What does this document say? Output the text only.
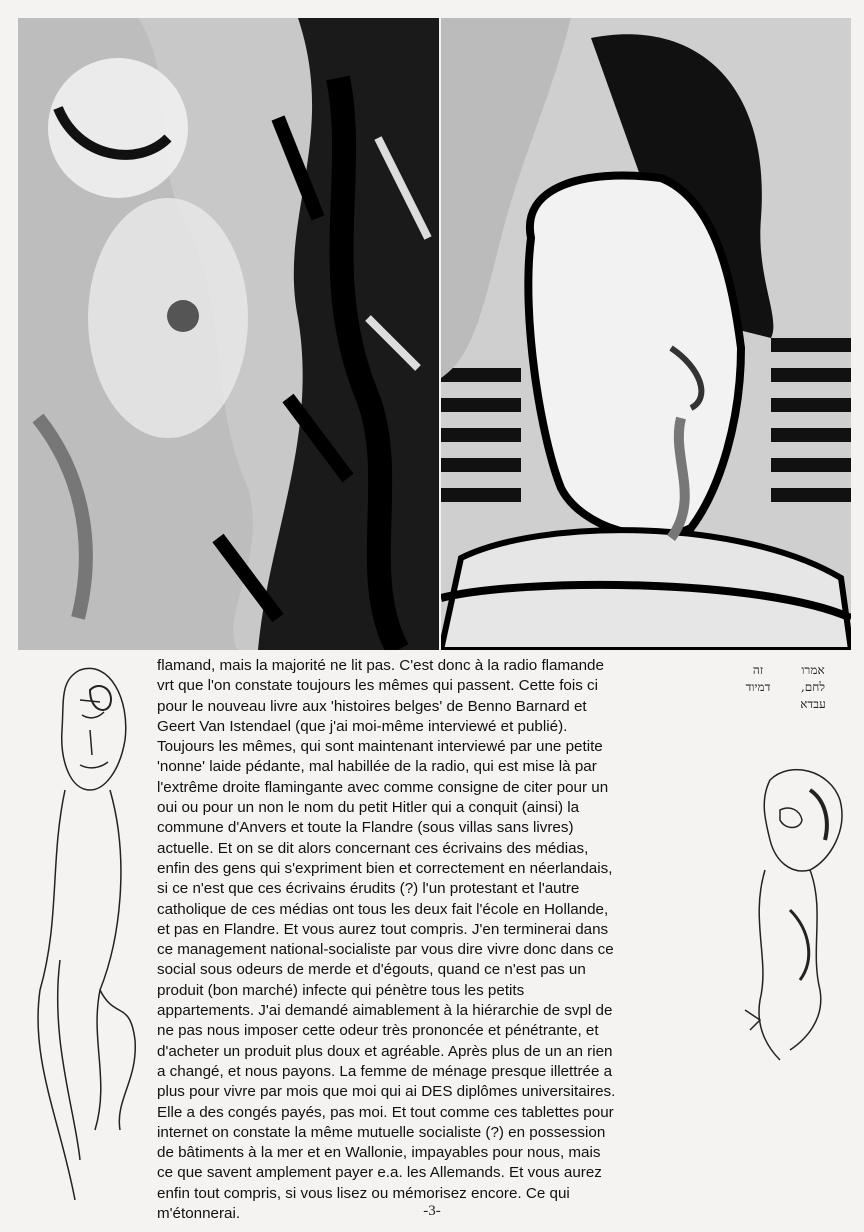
אמרו
לחם,
עבדא
זה
דמיוד

flamand, mais la majorité ne lit pas. C'est donc à la radio flamande

vrt que l'on constate toujours les mêmes qui passent. Cette fois ci

pour le nouveau livre aux 'histoires belges' de Benno Barnard et

Geert Van Istendael (que j'ai moi-même interviewé et publié).

Toujours les mêmes, qui sont maintenant interviewé par une petite

'nonne' laide pédante, mal habillée de la radio, qui est mise là par

l'extrême droite flamingante avec comme consigne de citer pour un

oui ou pour un non le nom du petit Hitler qui a conquit (ainsi) la

commune d'Anvers et toute la Flandre (sous villas sans livres)

actuelle. Et on se dit alors concernant ces écrivains des médias,

enfin des gens qui s'expriment bien et correctement en néerlandais,

si ce n'est que ces écrivains érudits (?) l'un protestant et l'autre

catholique de ces médias ont tous les deux fait l'école en Hollande,

et pas en Flandre. Et vous aurez tout compris. J'en terminerai dans

ce management national-socialiste par vous dire vivre donc dans ce

social sous odeurs de merde et d'égouts, quand ce n'est pas un

produit (bon marché) infecte qui pénètre tous les petits

appartements. J'ai demandé aimablement à la hiérarchie de svpl de

ne pas nous imposer cette odeur très prononcée et pénétrante, et

d'acheter un produit plus doux et agréable. Après plus de un an rien

a changé, et nous payons. La femme de ménage presque illettrée a

plus pour vivre par mois que moi qui ai DES diplômes universitaires.

Elle a des congés payés, pas moi. Et tout comme ces tablettes pour

internet on constate la même mutuelle socialiste (?) en possession

de bâtiments à la mer et en Wallonie, impayables pour nous, mais

ce que savent amplement payer e.a. les Allemands. Et vous aurez

enfin tout compris, si vous lisez ou mémorisez encore. Ce qui

m'étonnerai.	-3-
